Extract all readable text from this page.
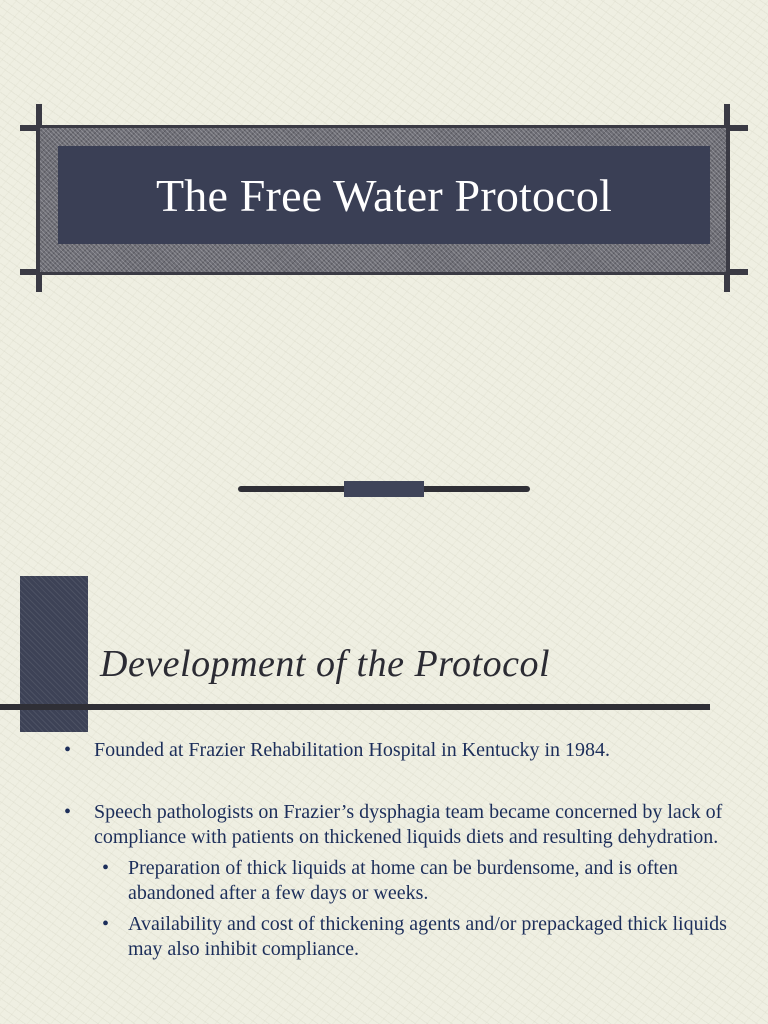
The Free Water Protocol
Development of the Protocol
• Founded at Frazier Rehabilitation Hospital in Kentucky in 1984.
• Speech pathologists on Frazier’s dysphagia team became concerned by lack of compliance with patients on thickened liquids diets and resulting dehydration.
• Preparation of thick liquids at home can be burdensome, and is often abandoned after a few days or weeks.
• Availability and cost of thickening agents and/or prepackaged thick liquids may also inhibit compliance.
